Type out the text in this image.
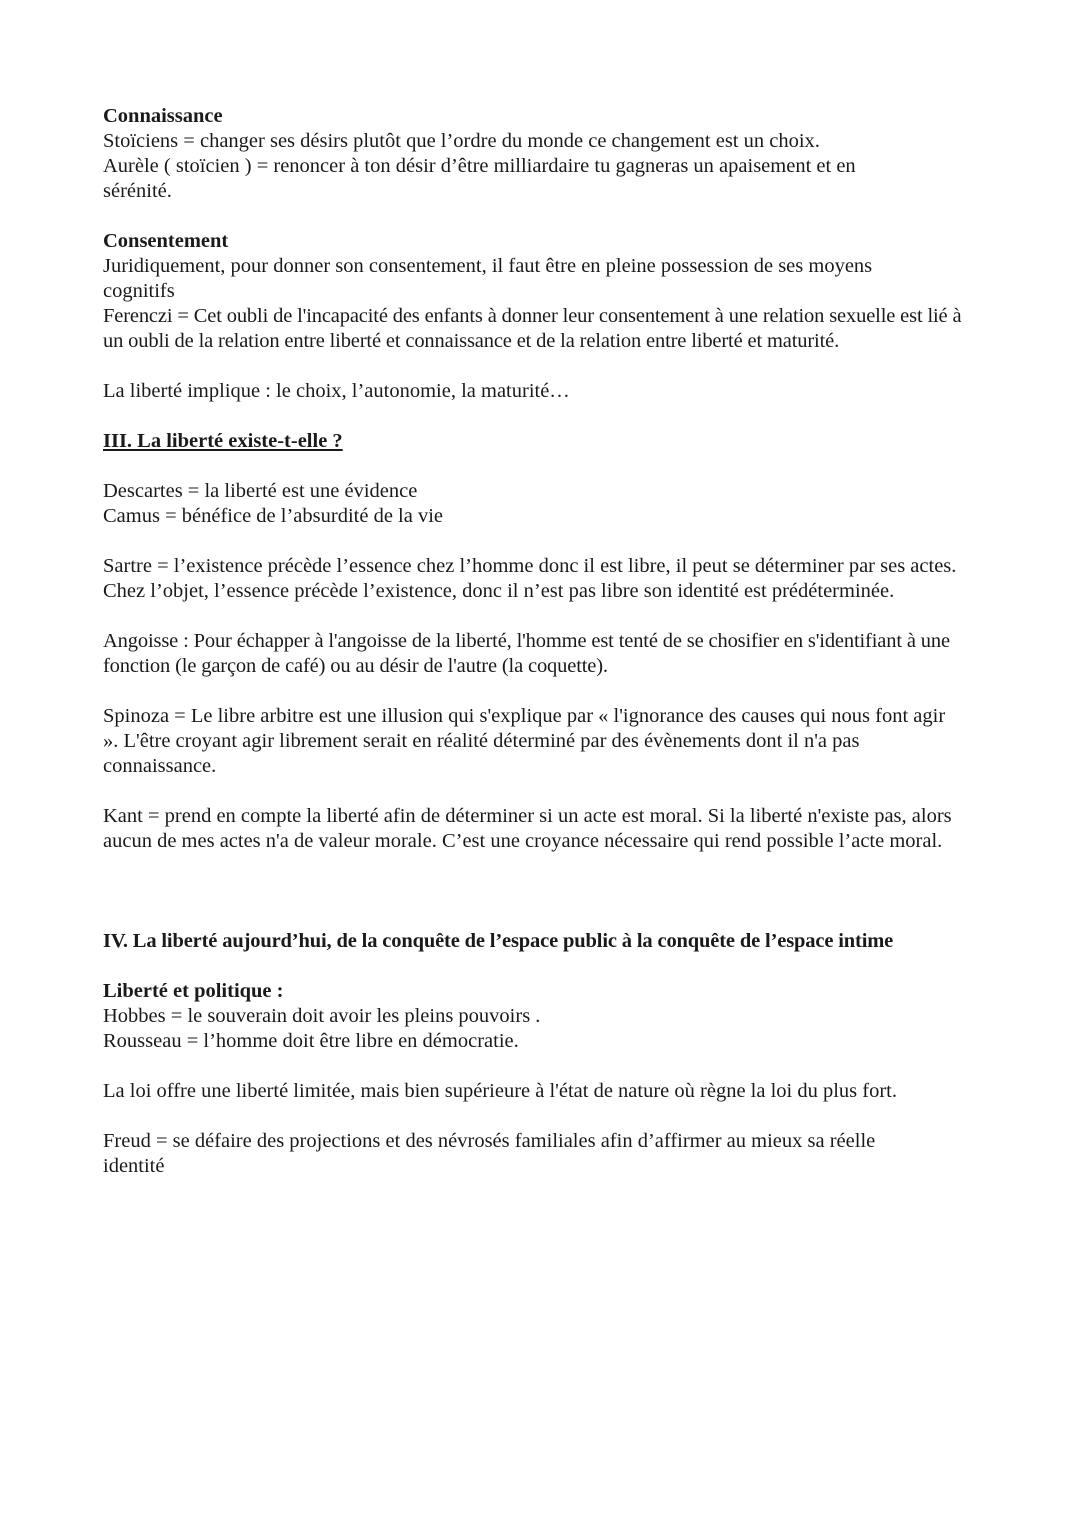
Connaissance

Stoïciens = changer ses désirs plutôt que l’ordre du monde ce changement est un choix.

Aurèle ( stoïcien ) = renoncer à ton désir d’être milliardaire tu gagneras un apaisement et en sérénité.

Consentement

Juridiquement, pour donner son consentement, il faut être en pleine possession de ses moyens cognitifs

Ferenczi = Cet oubli de l'incapacité des enfants à donner leur consentement à une relation sexuelle est lié à un oubli de la relation entre liberté et connaissance et de la relation entre liberté et maturité.

La liberté implique : le choix, l’autonomie, la maturité…

III. La liberté existe-t-elle ?

Descartes = la liberté est une évidence

Camus = bénéfice de l’absurdité de la vie

Sartre = l’existence précède l’essence chez l’homme donc il est libre, il peut se déterminer par ses actes. Chez l’objet, l’essence précède l’existence, donc il n’est pas libre son identité est prédéterminée.

Angoisse : Pour échapper à l'angoisse de la liberté, l'homme est tenté de se chosifier en s'identifiant à une fonction (le garçon de café) ou au désir de l'autre (la coquette).

Spinoza = Le libre arbitre est une illusion qui s'explique par « l'ignorance des causes qui nous font agir ». L'être croyant agir librement serait en réalité déterminé par des évènements dont il n'a pas connaissance.

Kant = prend en compte la liberté afin de déterminer si un acte est moral. Si la liberté n'existe pas, alors aucun de mes actes n'a de valeur morale. C’est une croyance nécessaire qui rend possible l’acte moral.

IV. La liberté aujourd’hui, de la conquête de l’espace public à la conquête de l’espace intime

Liberté et politique :

Hobbes = le souverain doit avoir les pleins pouvoirs .

Rousseau = l’homme doit être libre en démocratie.

La loi offre une liberté limitée, mais bien supérieure à l'état de nature où règne la loi du plus fort.

Freud = se défaire des projections et des névrosés familiales afin d’affirmer au mieux sa réelle identité
